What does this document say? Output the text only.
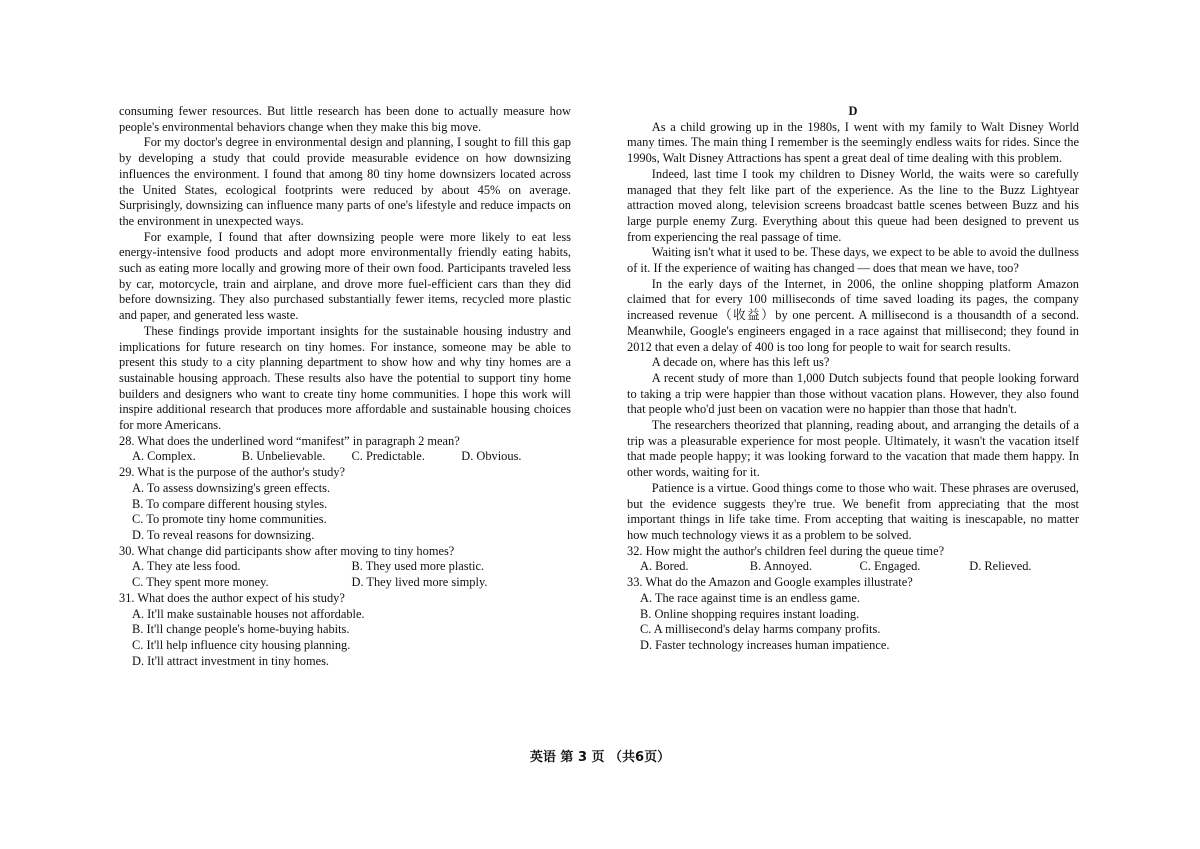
consuming fewer resources. But little research has been done to actually measure how people's environmental behaviors change when they make this big move.

For my doctor's degree in environmental design and planning, I sought to fill this gap by developing a study that could provide measurable evidence on how downsizing influences the environment. I found that among 80 tiny home downsizers located across the United States, ecological footprints were reduced by about 45% on average. Surprisingly, downsizing can influence many parts of one's lifestyle and reduce impacts on the environment in unexpected ways.

For example, I found that after downsizing people were more likely to eat less energy-intensive food products and adopt more environmentally friendly eating habits, such as eating more locally and growing more of their own food. Participants traveled less by car, motorcycle, train and airplane, and drove more fuel-efficient cars than they did before downsizing. They also purchased substantially fewer items, recycled more plastic and paper, and generated less waste.

These findings provide important insights for the sustainable housing industry and implications for future research on tiny homes. For instance, someone may be able to present this study to a city planning department to show how and why tiny homes are a sustainable housing approach. These results also have the potential to support tiny home builders and designers who want to create tiny home communities. I hope this work will inspire additional research that produces more affordable and sustainable housing choices for more Americans.

28. What does the underlined word “manifest” in paragraph 2 mean?

A. Complex.	B. Unbelievable.	C. Predictable.	D. Obvious.

29. What is the purpose of the author's study?

A. To assess downsizing's green effects.

B. To compare different housing styles.

C. To promote tiny home communities.

D. To reveal reasons for downsizing.

30. What change did participants show after moving to tiny homes?

A. They ate less food.	B. They used more plastic.
C. They spent more money.	D. They lived more simply.

31. What does the author expect of his study?

A. It'll make sustainable houses not affordable.

B. It'll change people's home-buying habits.

C. It'll help influence city housing planning.

D. It'll attract investment in tiny homes.

D

As a child growing up in the 1980s, I went with my family to Walt Disney World many times. The main thing I remember is the seemingly endless waits for rides. Since the 1990s, Walt Disney Attractions has spent a great deal of time dealing with this problem.

Indeed, last time I took my children to Disney World, the waits were so carefully managed that they felt like part of the experience. As the line to the Buzz Lightyear attraction moved along, television screens broadcast battle scenes between Buzz and his large purple enemy Zurg. Everything about this queue had been designed to prevent us from experiencing the real passage of time.

Waiting isn't what it used to be. These days, we expect to be able to avoid the dullness of it. If the experience of waiting has changed — does that mean we have, too?

In the early days of the Internet, in 2006, the online shopping platform Amazon claimed that for every 100 milliseconds of time saved loading its pages, the company increased revenue（收益）by one percent. A millisecond is a thousandth of a second. Meanwhile, Google's engineers engaged in a race against that millisecond; they found in 2012 that even a delay of 400 is too long for people to wait for search results.

A decade on, where has this left us?

A recent study of more than 1,000 Dutch subjects found that people looking forward to taking a trip were happier than those without vacation plans. However, they also found that people who'd just been on vacation were no happier than those that hadn't.

The researchers theorized that planning, reading about, and arranging the details of a trip was a pleasurable experience for most people. Ultimately, it wasn't the vacation itself that made people happy; it was looking forward to the vacation that made them happy. In other words, waiting for it.

Patience is a virtue. Good things come to those who wait. These phrases are overused, but the evidence suggests they're true. We benefit from appreciating that the most important things in life take time. From accepting that waiting is inescapable, no matter how much technology views it as a problem to be solved.

32. How might the author's children feel during the queue time?

A. Bored.	B. Annoyed.	C. Engaged.	D. Relieved.

33. What do the Amazon and Google examples illustrate?

A. The race against time is an endless game.

B. Online shopping requires instant loading.

C. A millisecond's delay harms company profits.

D. Faster technology increases human impatience.

英语 第 3 页 （共6页）
